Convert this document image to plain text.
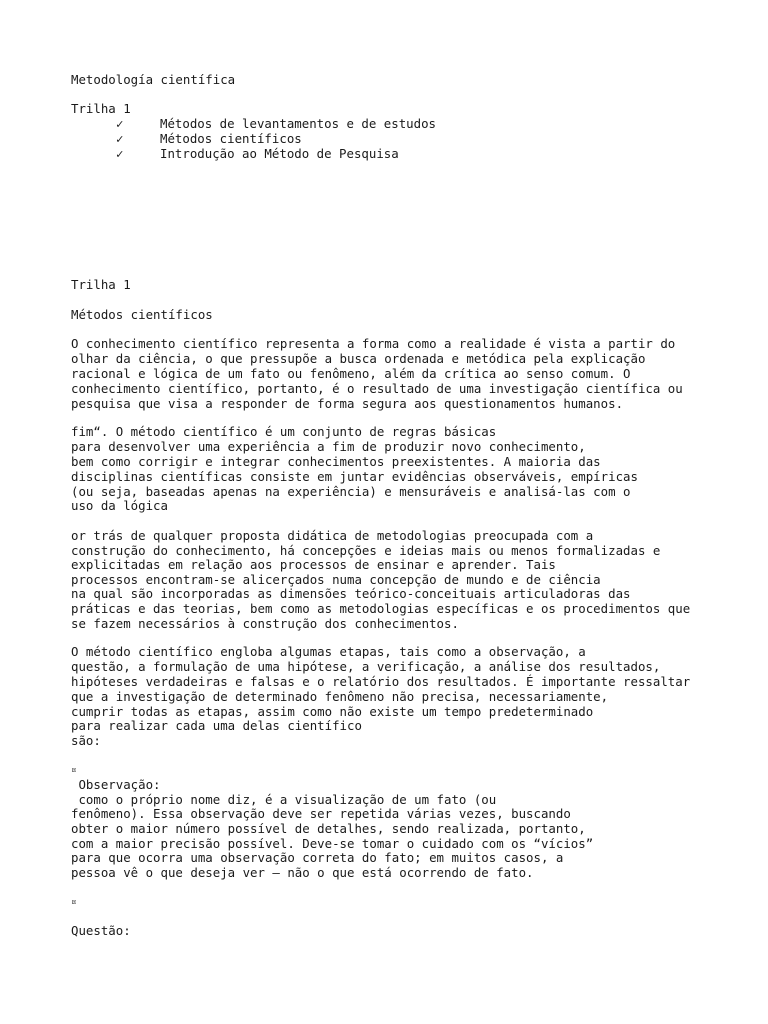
Metodología científica
Trilha 1
✓	Métodos de levantamentos e de estudos
✓	Métodos científicos
✓	Introdução ao Método de Pesquisa
Trilha 1
Métodos científicos
O conhecimento científico representa a forma como a realidade é vista a partir do
olhar da ciência, o que pressupõe a busca ordenada e metódica pela explicação
racional e lógica de um fato ou fenômeno, além da crítica ao senso comum. O
conhecimento científico, portanto, é o resultado de uma investigação científica ou
pesquisa que visa a responder de forma segura aos questionamentos humanos.
fim“. O método científico é um conjunto de regras básicas
para desenvolver uma experiência a fim de produzir novo conhecimento,
bem como corrigir e integrar conhecimentos preexistentes. A maioria das
disciplinas científicas consiste em juntar evidências observáveis, empíricas
(ou seja, baseadas apenas na experiência) e mensuráveis e analisá-las com o
uso da lógica
or trás de qualquer proposta didática de metodologias preocupada com a
construção do conhecimento, há concepções e ideias mais ou menos formalizadas e
explicitadas em relação aos processos de ensinar e aprender. Tais
processos encontram-se alicerçados numa concepção de mundo e de ciência
na qual são incorporadas as dimensões teórico-conceituais articuladoras das
práticas e das teorias, bem como as metodologias específicas e os procedimentos que
se fazem necessários à construção dos conhecimentos.
O método científico engloba algumas etapas, tais como a observação, a
questão, a formulação de uma hipótese, a verificação, a análise dos resultados,
hipóteses verdadeiras e falsas e o relatório dos resultados. É importante ressaltar
que a investigação de determinado fenômeno não precisa, necessariamente,
cumprir todas as etapas, assim como não existe um tempo predeterminado
para realizar cada uma delas científico
são:
¤
Observação:
como o próprio nome diz, é a visualização de um fato (ou
fenômeno). Essa observação deve ser repetida várias vezes, buscando
obter o maior número possível de detalhes, sendo realizada, portanto,
com a maior precisão possível. Deve-se tomar o cuidado com os “vícios”
para que ocorra uma observação correta do fato; em muitos casos, a
pessoa vê o que deseja ver – não o que está ocorrendo de fato.
¤
Questão:
